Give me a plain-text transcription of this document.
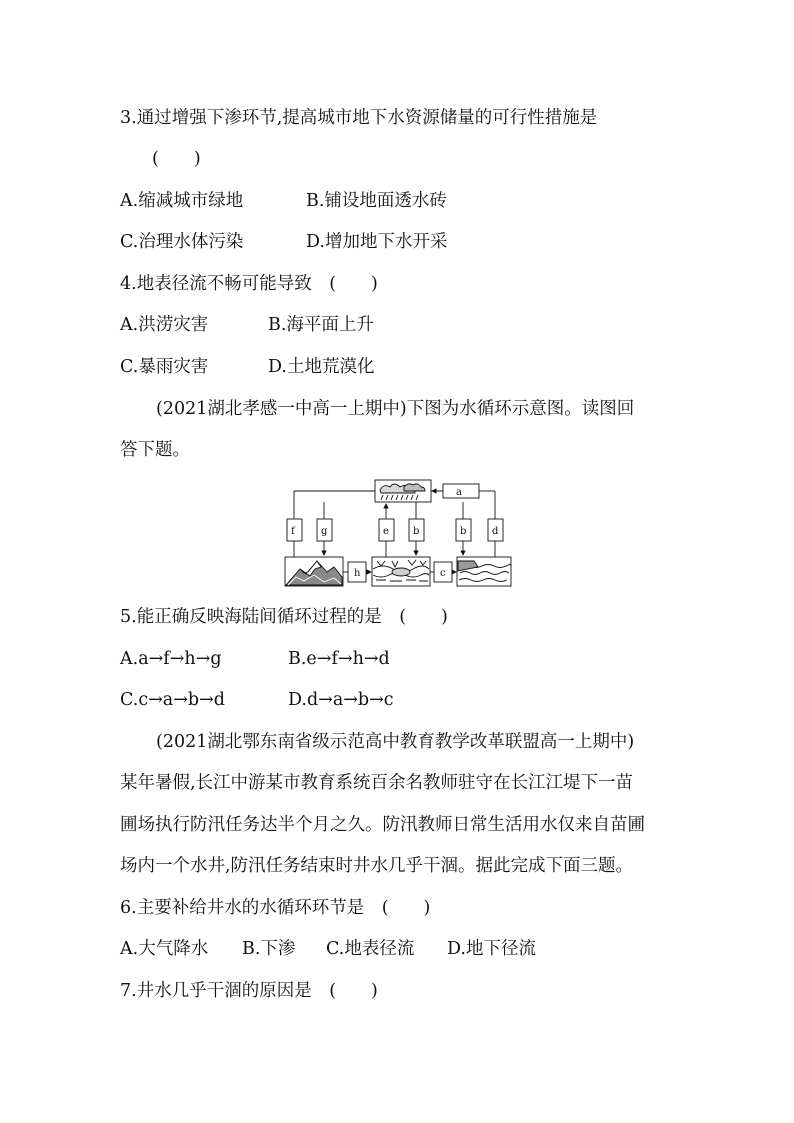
3.通过增强下渗环节,提高城市地下水资源储量的可行性措施是
(　　)
A.缩减城市绿地	B.铺设地面透水砖
C.治理水体污染	D.增加地下水开采
4.地表径流不畅可能导致　(　　)
A.洪涝灾害	B.海平面上升
C.暴雨灾害	D.土地荒漠化
(2021湖北孝感一中高一上期中)下图为水循环示意图。读图回
答下题。
a
f	g	e b	b	d
h	c
5.能正确反映海陆间循环过程的是　(　　)
A.a→f→h→g	B.e→f→h→d
C.c→a→b→d	D.d→a→b→c
(2021湖北鄂东南省级示范高中教育教学改革联盟高一上期中)
某年暑假,长江中游某市教育系统百余名教师驻守在长江江堤下一苗
圃场执行防汛任务达半个月之久。防汛教师日常生活用水仅来自苗圃
场内一个水井,防汛任务结束时井水几乎干涸。据此完成下面三题。
6.主要补给井水的水循环环节是　(　　)
A.大气降水 B.下渗 C.地表径流 D.地下径流
7.井水几乎干涸的原因是　(　　)
